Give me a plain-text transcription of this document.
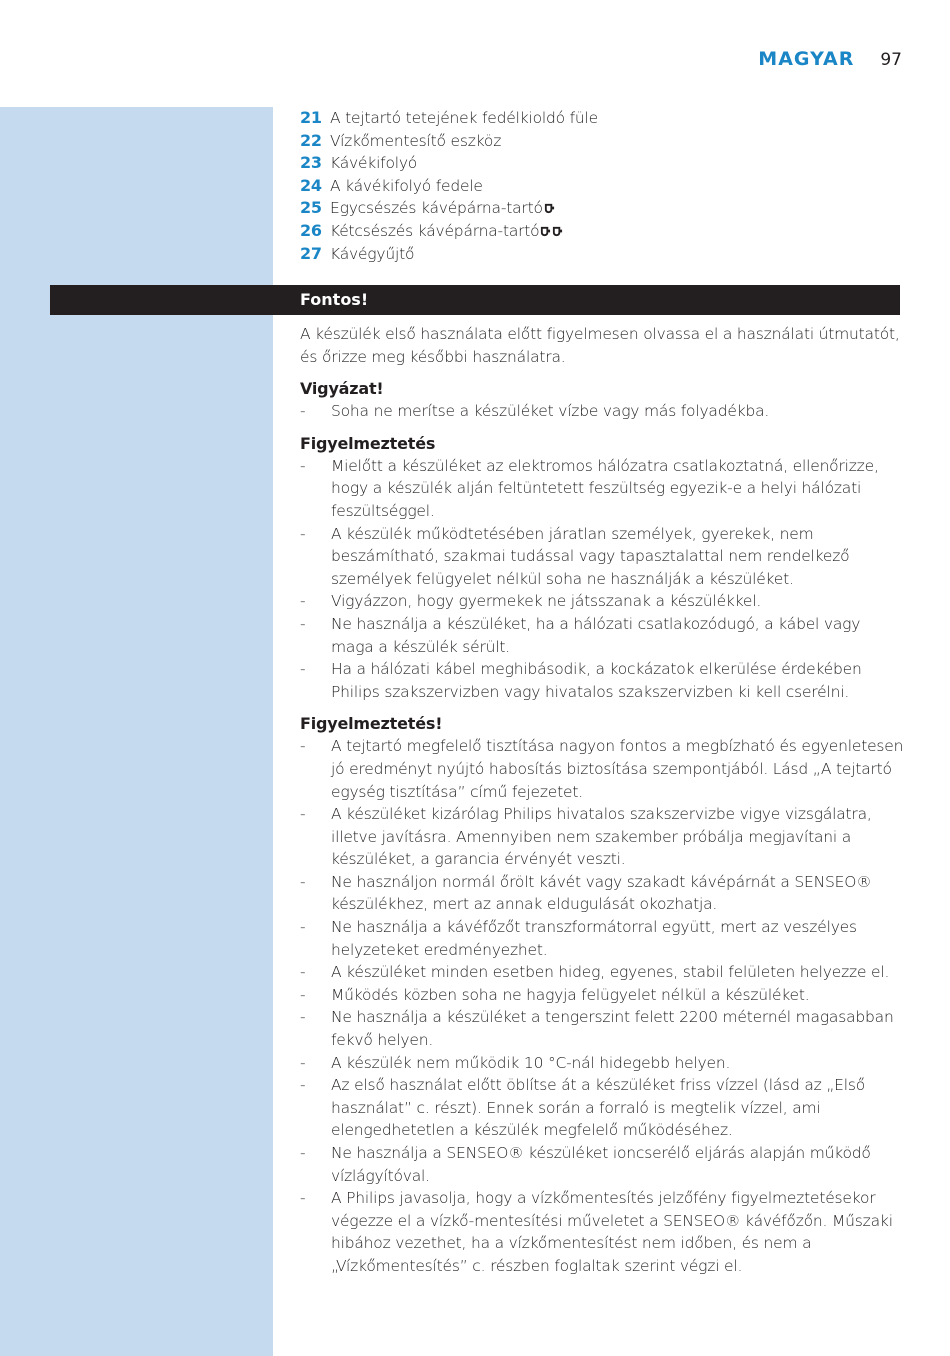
MAGYAR 97
21 A tejtartó tetejének fedélkioldó füle
22 Vízkőmentesítő eszköz
23 Kávékifolyó
24 A kávékifolyó fedele
25 Egycsészés kávépárna-tartó
26 Kétcsészés kávépárna-tartó
27 Kávégyűjtő
Fontos!

A készülék első használata előtt figyelmesen olvassa el a használati útmutatót, és őrizze meg későbbi használatra.

Vigyázat!

- Soha ne merítse a készüléket vízbe vagy más folyadékba.

Figyelmeztetés

- Mielőtt a készüléket az elektromos hálózatra csatlakoztatná, ellenőrizze, hogy a készülék alján feltüntetett feszültség egyezik-e a helyi hálózati feszültséggel.
- A készülék működtetésében járatlan személyek, gyerekek, nem beszámítható, szakmai tudással vagy tapasztalattal nem rendelkező személyek felügyelet nélkül soha ne használják a készüléket.
- Vigyázzon, hogy gyermekek ne játsszanak a készülékkel.
- Ne használja a készüléket, ha a hálózati csatlakozódugó, a kábel vagy maga a készülék sérült.
- Ha a hálózati kábel meghibásodik, a kockázatok elkerülése érdekében Philips szakszervizben vagy hivatalos szakszervizben ki kell cserélni.

Figyelmeztetés!

- A tejtartó megfelelő tisztítása nagyon fontos a megbízható és egyenletesen jó eredményt nyújtó habosítás biztosítása szempontjából. Lásd „A tejtartó egység tisztítása” című fejezetet.
- A készüléket kizárólag Philips hivatalos szakszervizbe vigye vizsgálatra, illetve javításra. Amennyiben nem szakember próbálja megjavítani a készüléket, a garancia érvényét veszti.
- Ne használjon normál őrölt kávét vagy szakadt kávépárnát a SENSEO® készülékhez, mert az annak eldugulását okozhatja.
- Ne használja a kávéfőzőt transzformátorral együtt, mert az veszélyes helyzeteket eredményezhet.
- A készüléket minden esetben hideg, egyenes, stabil felületen helyezze el.
- Működés közben soha ne hagyja felügyelet nélkül a készüléket.
- Ne használja a készüléket a tengerszint felett 2200 méternél magasabban fekvő helyen.
- A készülék nem működik 10 °C-nál hidegebb helyen.
- Az első használat előtt öblítse át a készüléket friss vízzel (lásd az „Első használat” c. részt). Ennek során a forraló is megtelik vízzel, ami elengedhetetlen a készülék megfelelő működéséhez.
- Ne használja a SENSEO® készüléket ioncserélő eljárás alapján működő vízlágyítóval.
- A Philips javasolja, hogy a vízkőmentesítés jelzőfény figyelmeztetésekor végezze el a vízkő-mentesítési műveletet a SENSEO® kávéfőzőn. Műszaki hibához vezethet, ha a vízkőmentesítést nem időben, és nem a „Vízkőmentesítés” c. részben foglaltak szerint végzi el.
